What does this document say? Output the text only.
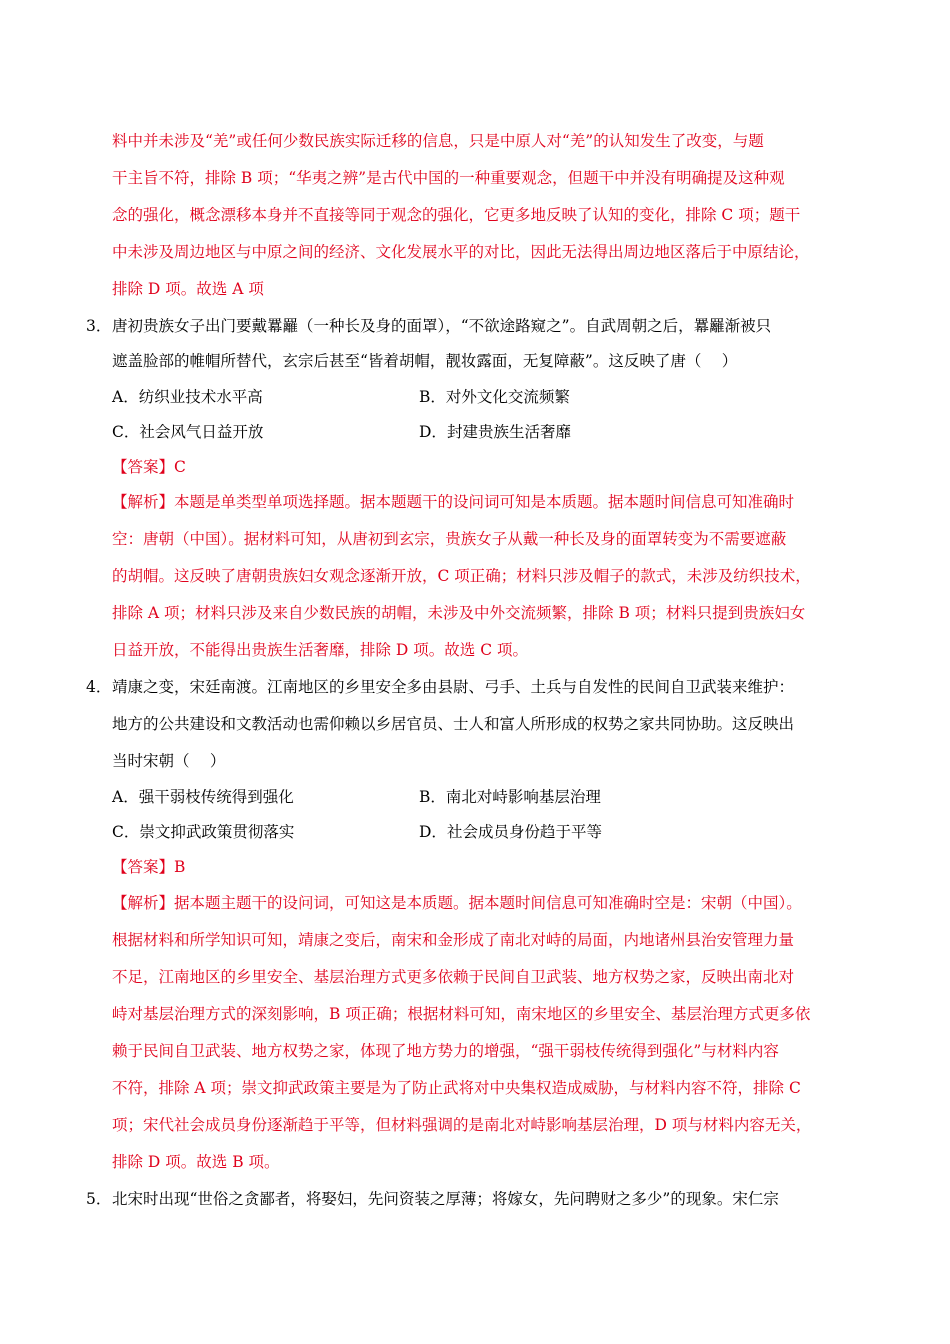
料中并未涉及“羌”或任何少数民族实际迁移的信息，只是中原人对“羌”的认知发生了改变，与题
干主旨不符，排除 B 项；“华夷之辨”是古代中国的一种重要观念，但题干中并没有明确提及这种观
念的强化，概念漂移本身并不直接等同于观念的强化，它更多地反映了认知的变化，排除 C 项；题干
中未涉及周边地区与中原之间的经济、文化发展水平的对比，因此无法得出周边地区落后于中原结论，
排除 D 项。故选 A 项
3． 唐初贵族女子出门要戴羃䍦（一种长及身的面罩），“不欲途路窥之”。自武周朝之后，羃䍦渐被只
遮盖脸部的帷帽所替代，玄宗后甚至“皆着胡帽，靓妆露面，无复障蔽”。这反映了唐（　 ）
A．纺织业技术水平高	B．对外文化交流频繁
C．社会风气日益开放	D．封建贵族生活奢靡
【答案】C
【解析】本题是单类型单项选择题。据本题题干的设问词可知是本质题。据本题时间信息可知准确时
空：唐朝（中国）。据材料可知，从唐初到玄宗，贵族女子从戴一种长及身的面罩转变为不需要遮蔽
的胡帽。这反映了唐朝贵族妇女观念逐渐开放，C 项正确；材料只涉及帽子的款式，未涉及纺织技术，
排除 A 项；材料只涉及来自少数民族的胡帽，未涉及中外交流频繁，排除 B 项；材料只提到贵族妇女
日益开放，不能得出贵族生活奢靡，排除 D 项。故选 C 项。
4． 靖康之变，宋廷南渡。江南地区的乡里安全多由县尉、弓手、土兵与自发性的民间自卫武装来维护：
地方的公共建设和文教活动也需仰赖以乡居官员、士人和富人所形成的权势之家共同协助。这反映出
当时宋朝（　 ）
A．强干弱枝传统得到强化	B．南北对峙影响基层治理
C．崇文抑武政策贯彻落实	D．社会成员身份趋于平等
【答案】B
【解析】据本题主题干的设问词，可知这是本质题。据本题时间信息可知准确时空是：宋朝（中国）。
根据材料和所学知识可知，靖康之变后，南宋和金形成了南北对峙的局面，内地诸州县治安管理力量
不足，江南地区的乡里安全、基层治理方式更多依赖于民间自卫武装、地方权势之家，反映出南北对
峙对基层治理方式的深刻影响，B 项正确；根据材料可知，南宋地区的乡里安全、基层治理方式更多依
赖于民间自卫武装、地方权势之家，体现了地方势力的增强，“强干弱枝传统得到强化”与材料内容
不符，排除 A 项；崇文抑武政策主要是为了防止武将对中央集权造成威胁，与材料内容不符，排除 C
项；宋代社会成员身份逐渐趋于平等，但材料强调的是南北对峙影响基层治理，D 项与材料内容无关，
排除 D 项。故选 B 项。
5． 北宋时出现“世俗之贪鄙者，将娶妇，先问资装之厚薄；将嫁女，先问聘财之多少”的现象。宋仁宗
